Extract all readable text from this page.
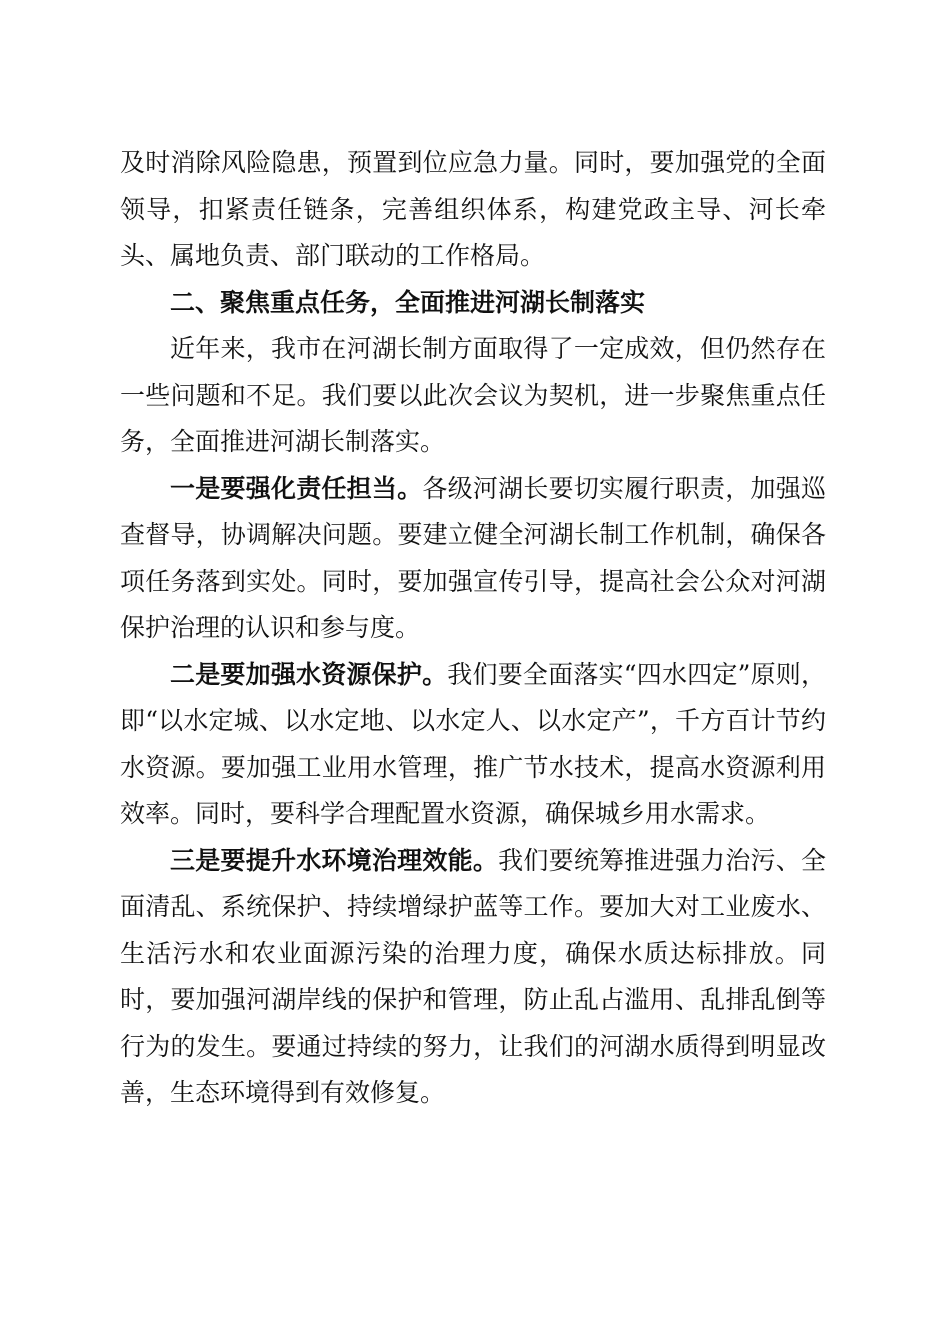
及时消除风险隐患，预置到位应急力量。同时，要加强党的全面领导，扣紧责任链条，完善组织体系，构建党政主导、河长牵头、属地负责、部门联动的工作格局。

二、聚焦重点任务，全面推进河湖长制落实

近年来，我市在河湖长制方面取得了一定成效，但仍然存在一些问题和不足。我们要以此次会议为契机，进一步聚焦重点任务，全面推进河湖长制落实。

一是要强化责任担当。各级河湖长要切实履行职责，加强巡查督导，协调解决问题。要建立健全河湖长制工作机制，确保各项任务落到实处。同时，要加强宣传引导，提高社会公众对河湖保护治理的认识和参与度。

二是要加强水资源保护。我们要全面落实“四水四定”原则，即“以水定城、以水定地、以水定人、以水定产”，千方百计节约水资源。要加强工业用水管理，推广节水技术，提高水资源利用效率。同时，要科学合理配置水资源，确保城乡用水需求。

三是要提升水环境治理效能。我们要统筹推进强力治污、全面清乱、系统保护、持续增绿护蓝等工作。要加大对工业废水、生活污水和农业面源污染的治理力度，确保水质达标排放。同时，要加强河湖岸线的保护和管理，防止乱占滥用、乱排乱倒等行为的发生。要通过持续的努力，让我们的河湖水质得到明显改善，生态环境得到有效修复。
